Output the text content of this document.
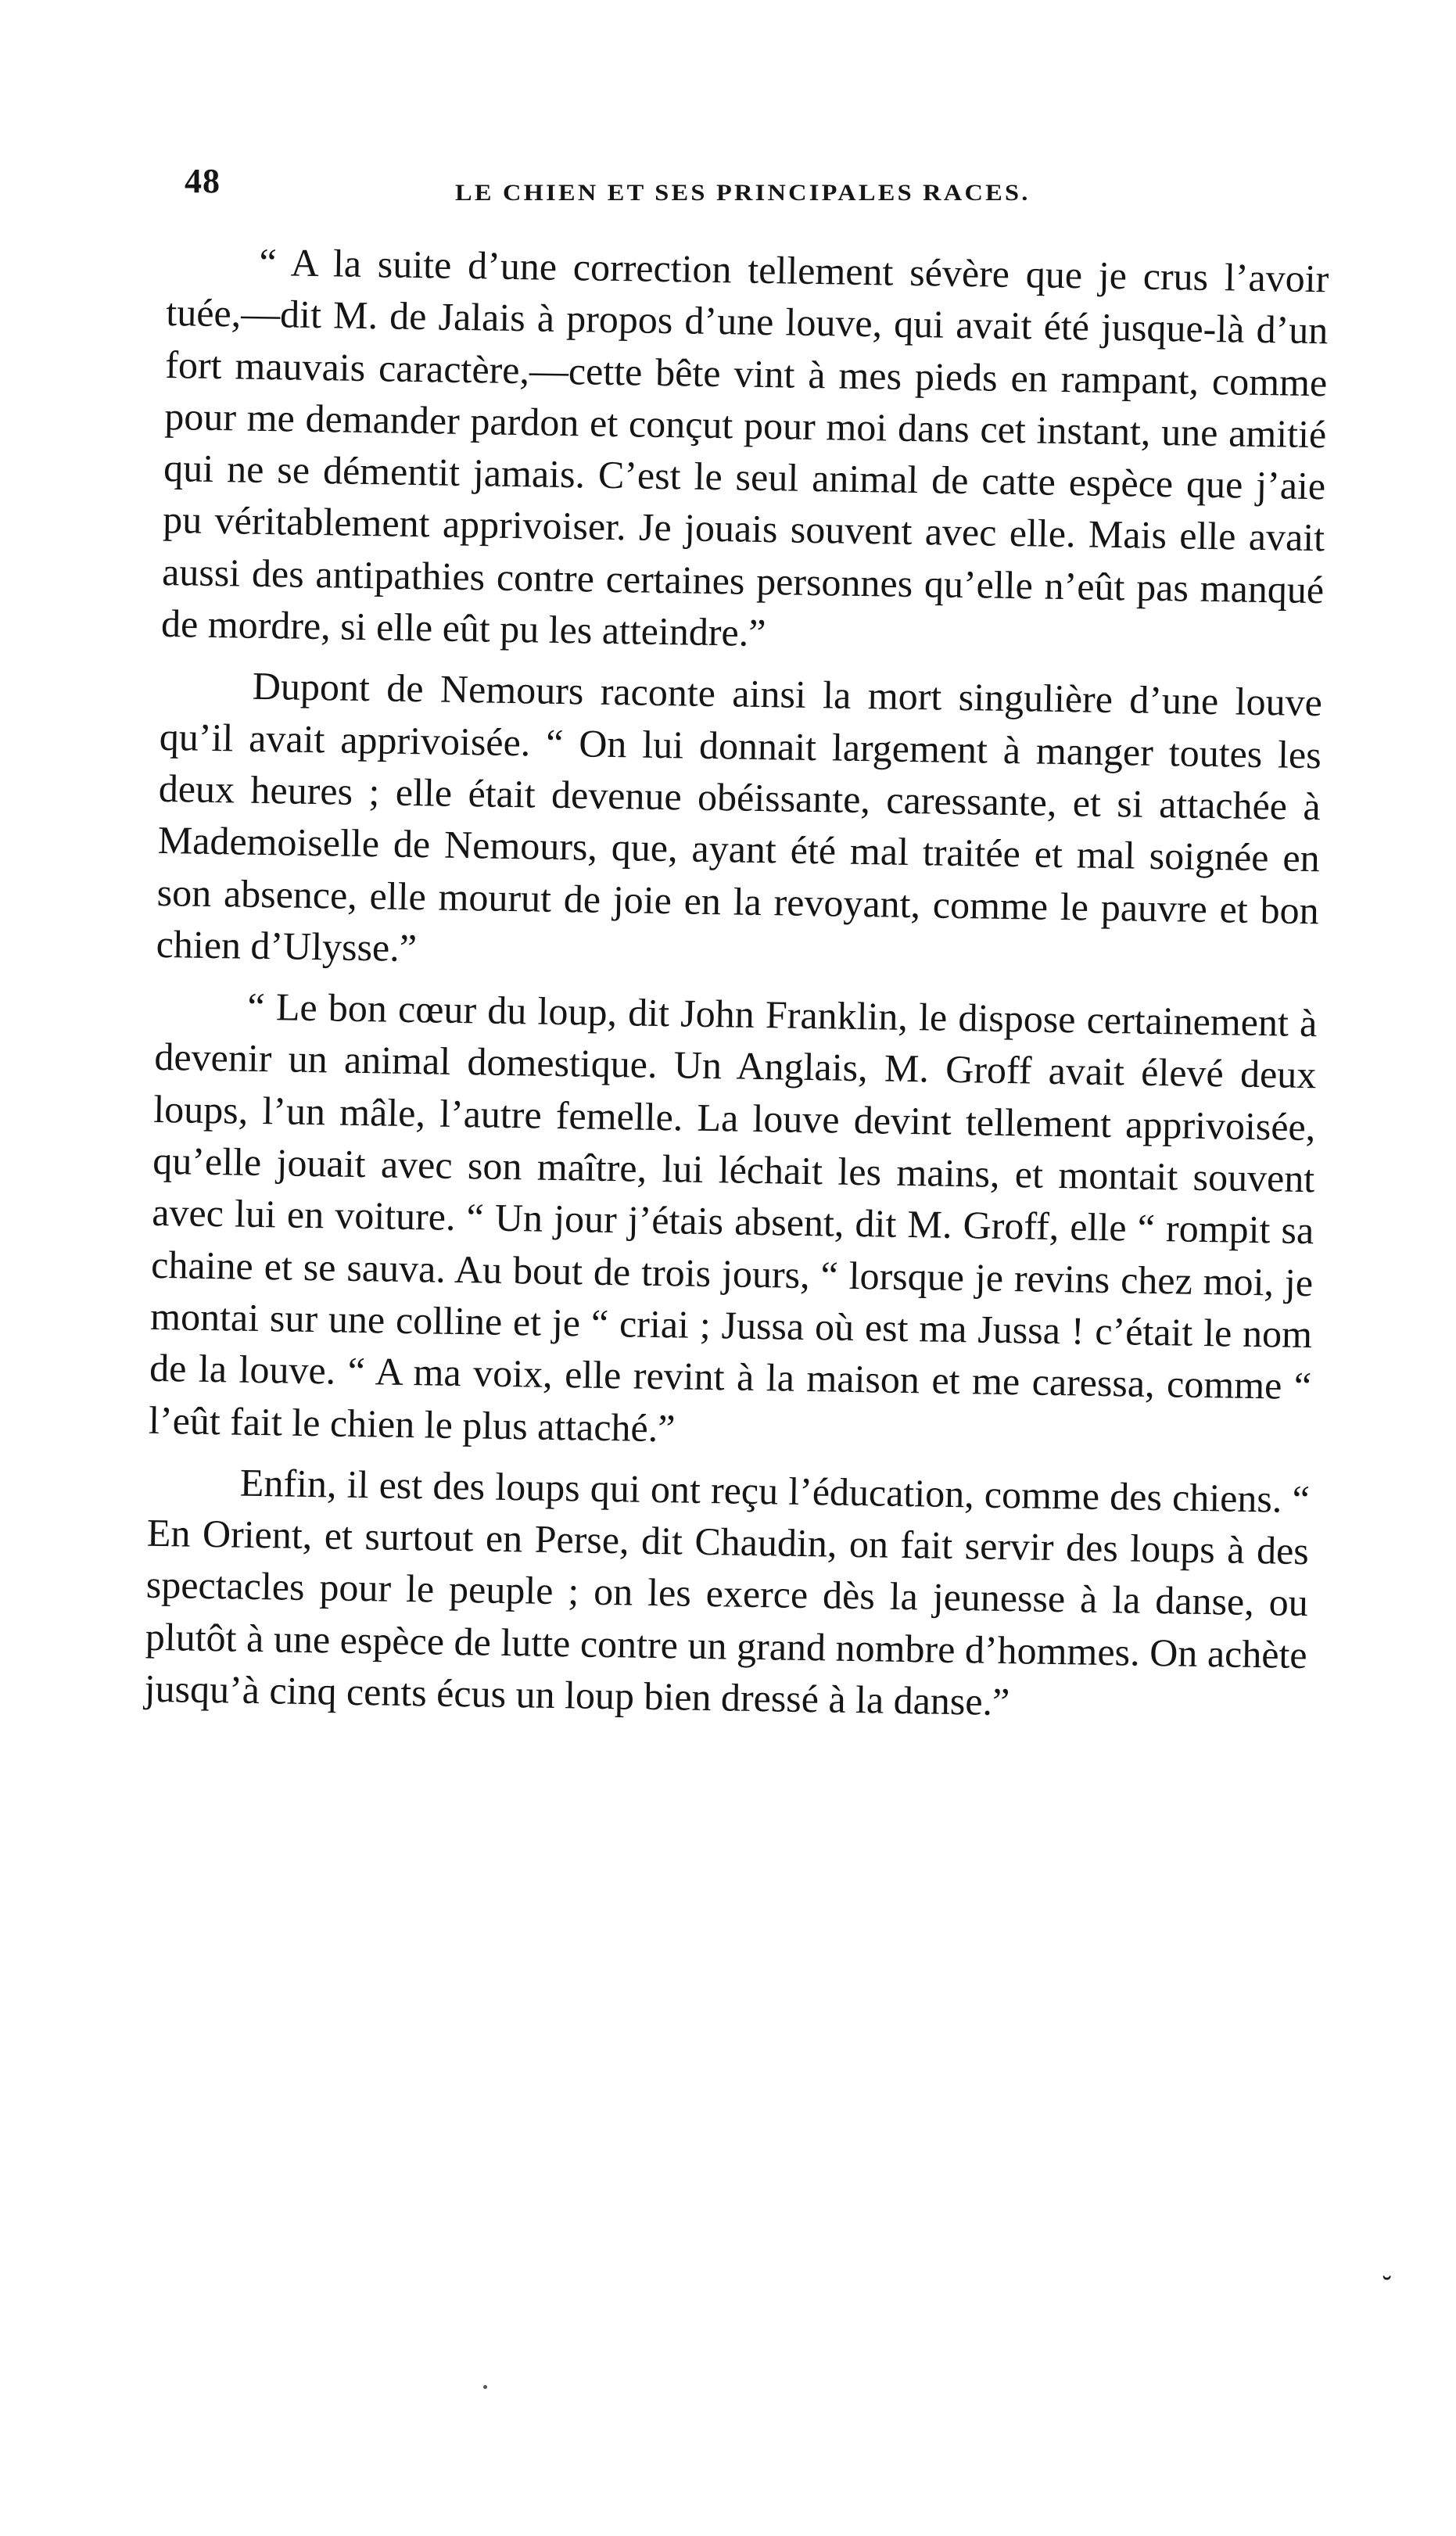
48	LE CHIEN ET SES PRINCIPALES RACES.

“ A la suite d’une correction tellement sévère que je crus l’avoir tuée,—dit M. de Jalais à propos d’une louve, qui avait été jusque-là d’un fort mauvais caractère,—cette bête vint à mes pieds en rampant, comme pour me demander pardon et conçut pour moi dans cet instant, une amitié qui ne se démentit jamais. C’est le seul animal de catte espèce que j’aie pu véritablement apprivoiser. Je jouais souvent avec elle. Mais elle avait aussi des antipathies contre certaines personnes qu’elle n’eût pas manqué de mordre, si elle eût pu les atteindre.”

Dupont de Nemours raconte ainsi la mort singulière d’une louve qu’il avait apprivoisée. “ On lui donnait largement à manger toutes les deux heures ; elle était devenue obéissante, caressante, et si attachée à Mademoiselle de Nemours, que, ayant été mal traitée et mal soignée en son absence, elle mourut de joie en la revoyant, comme le pauvre et bon chien d’Ulysse.”

“ Le bon cœur du loup, dit John Franklin, le dispose certainement à devenir un animal domestique. Un Anglais, M. Groff avait élevé deux loups, l’un mâle, l’autre femelle. La louve devint tellement apprivoisée, qu’elle jouait avec son maître, lui léchait les mains, et montait souvent avec lui en voiture. “ Un jour j’étais absent, dit M. Groff, elle “ rompit sa chaine et se sauva. Au bout de trois jours, “ lorsque je revins chez moi, je montai sur une colline et je “ criai ; Jussa où est ma Jussa ! c’était le nom de la louve. “ A ma voix, elle revint à la maison et me caressa, comme “ l’eût fait le chien le plus attaché.”

Enfin, il est des loups qui ont reçu l’éducation, comme des chiens. “ En Orient, et surtout en Perse, dit Chaudin, on fait servir des loups à des spectacles pour le peuple ; on les exerce dès la jeunesse à la danse, ou plutôt à une espèce de lutte contre un grand nombre d’hommes. On achète jusqu’à cinq cents écus un loup bien dressé à la danse.”

˘
